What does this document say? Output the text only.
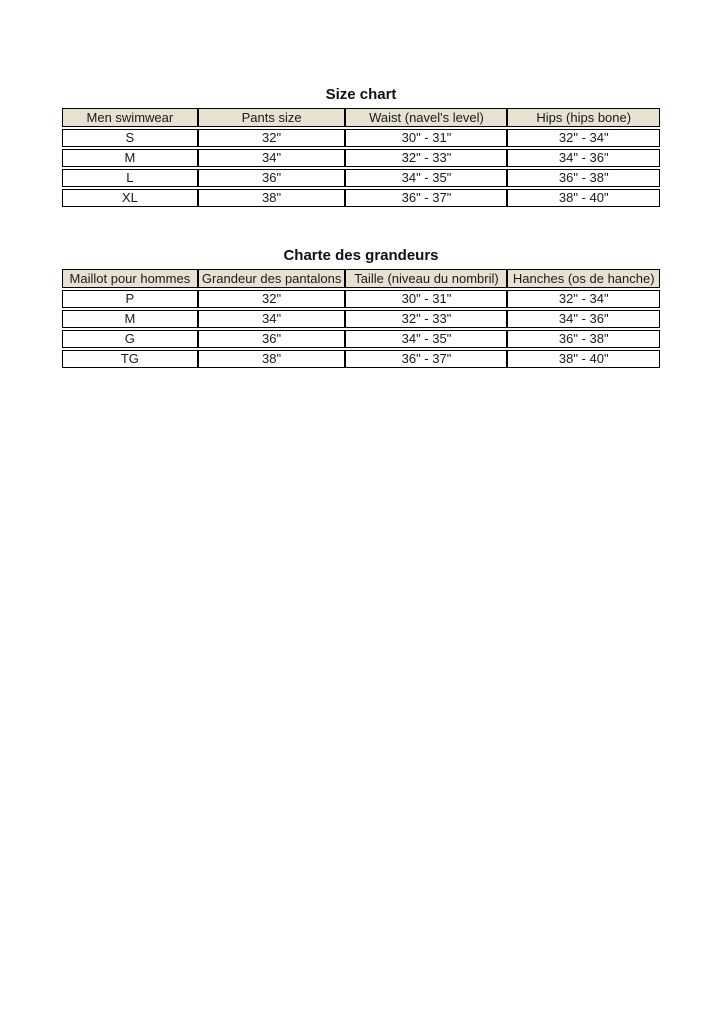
Size chart
Men swimwear	Pants size	Waist (navel's level)	Hips (hips bone)
S	32"	30" - 31"	32" - 34"
M	34"	32" - 33"	34" - 36"
L	36"	34" - 35"	36" - 38"
XL	38"	36" - 37"	38" - 40"
Charte des grandeurs
Maillot pour hommes	Grandeur des pantalons	Taille (niveau du nombril)	Hanches (os de hanche)
P	32"	30" - 31"	32" - 34"
M	34"	32" - 33"	34" - 36"
G	36"	34" - 35"	36" - 38"
TG	38"	36" - 37"	38" - 40"
